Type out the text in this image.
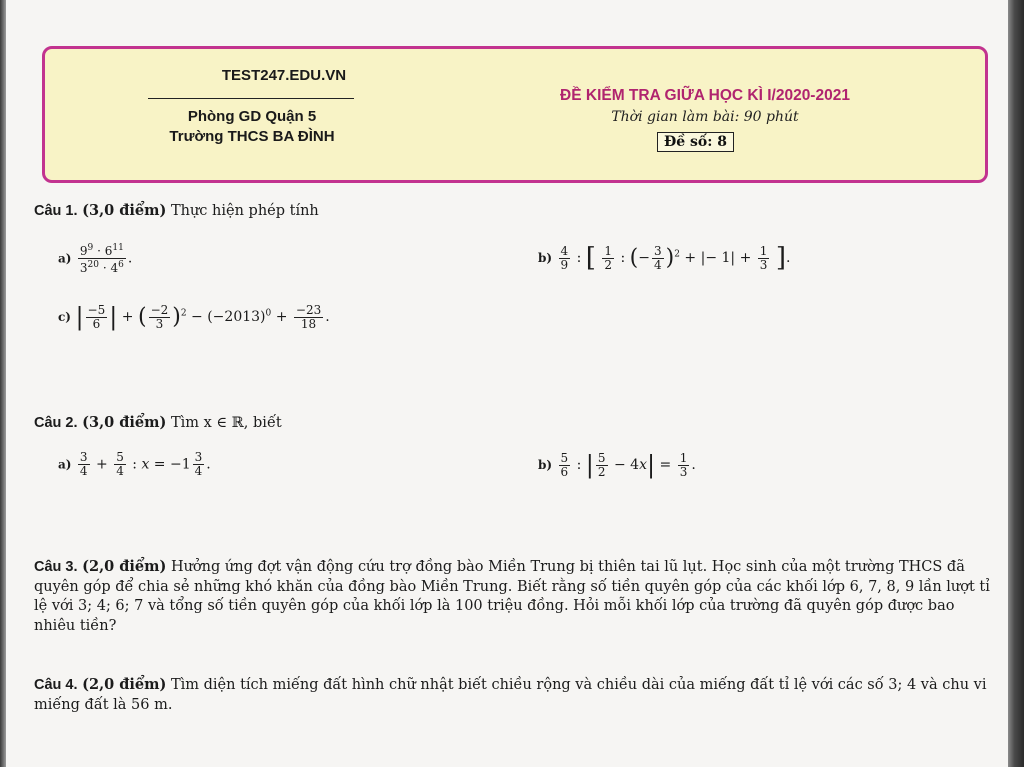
TEST247.EDU.VN
Phòng GD Quận 5
Trường THCS BA ĐÌNH
ĐỀ KIỂM TRA GIỮA HỌC KÌ I/2020-2021
Thời gian làm bài: 90 phút
Đề số: 8
Câu 1. (3,0 điểm) Thực hiện phép tính
$a) \frac{9^9 \cdot 6^{11}}{3^{20} \cdot 4^6}$ .	$b) \frac{4}{9}$ : [ $\frac{1}{2}$ : (− $\frac{3}{4} )^2$ + |− $1| + \frac{1}{3}$ ].
c) | $\frac{-5}{6}$ | + ( $\frac{-2}{3} )^2 - (-2013)^0 + \frac{-23}{18}$ .
Câu 2. (3,0 điểm) Tìm x ∈ ℝ, biết
$a) \frac{3}{4} + \frac{5}{4}$ : $x = -1 \frac{3}{4}$ .	$b) \frac{5}{6}$ : | $\frac{5}{2} - 4x| = \frac{1}{3}$ .
Câu 3. (2,0 điểm) Hưởng ứng đợt vận động cứu trợ đồng bào Miền Trung bị thiên tai lũ lụt. Học sinh của một trường THCS đã quyên góp để chia sẻ những khó khăn của đồng bào Miền Trung. Biết rằng số tiền quyên góp của các khối lớp 6, 7, 8, 9 lần lượt tỉ lệ với 3; 4; 6; 7 và tổng số tiền quyên góp của khối lớp là 100 triệu đồng. Hỏi mỗi khối lớp của trường đã quyên góp được bao nhiêu tiền?
Câu 4. (2,0 điểm) Tìm diện tích miếng đất hình chữ nhật biết chiều rộng và chiều dài của miếng đất tỉ lệ với các số 3; 4 và chu vi miếng đất là 56 m.
